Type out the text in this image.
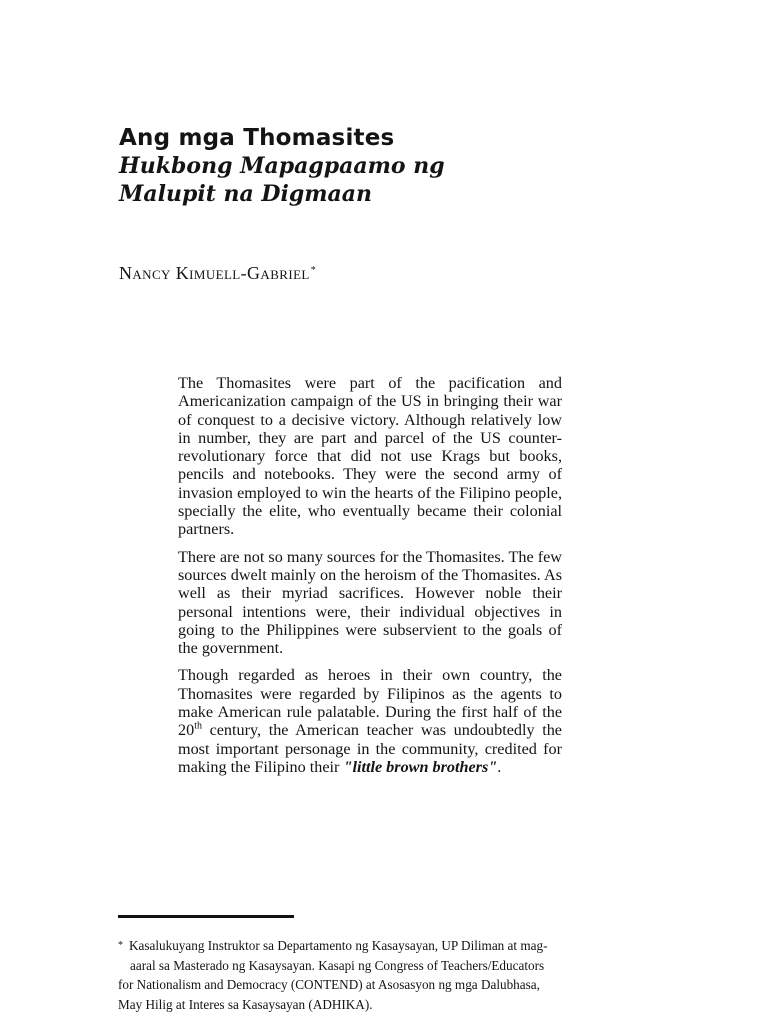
Ang mga Thomasites
Hukbong Mapagpaamo ng
Malupit na Digmaan
Nancy Kimuell-Gabriel*

The Thomasites were part of the pacification and Americanization campaign of the US in bringing their war of conquest to a decisive victory. Although relatively low in number, they are part and parcel of the US counter-revolutionary force that did not use Krags but books, pencils and notebooks. They were the second army of invasion employed to win the hearts of the Filipino people, specially the elite, who eventually became their colonial partners.

There are not so many sources for the Thomasites. The few sources dwelt mainly on the heroism of the Thomasites. As well as their myriad sacrifices. However noble their personal intentions were, their individual objectives in going to the Philippines were subservient to the goals of the government.

Though regarded as heroes in their own country, the Thomasites were regarded by Filipinos as the agents to make American rule palatable. During the first half of the 20th century, the American teacher was undoubtedly the most important personage in the community, credited for making the Filipino their "little brown brothers".

* Kasalukuyang Instruktor sa Departamento ng Kasaysayan, UP Diliman at mag-
aaral sa Masterado ng Kasaysayan. Kasapi ng Congress of Teachers/Educators
for Nationalism and Democracy (CONTEND) at Asosasyon ng mga Dalubhasa,
May Hilig at Interes sa Kasaysayan (ADHIKA).
